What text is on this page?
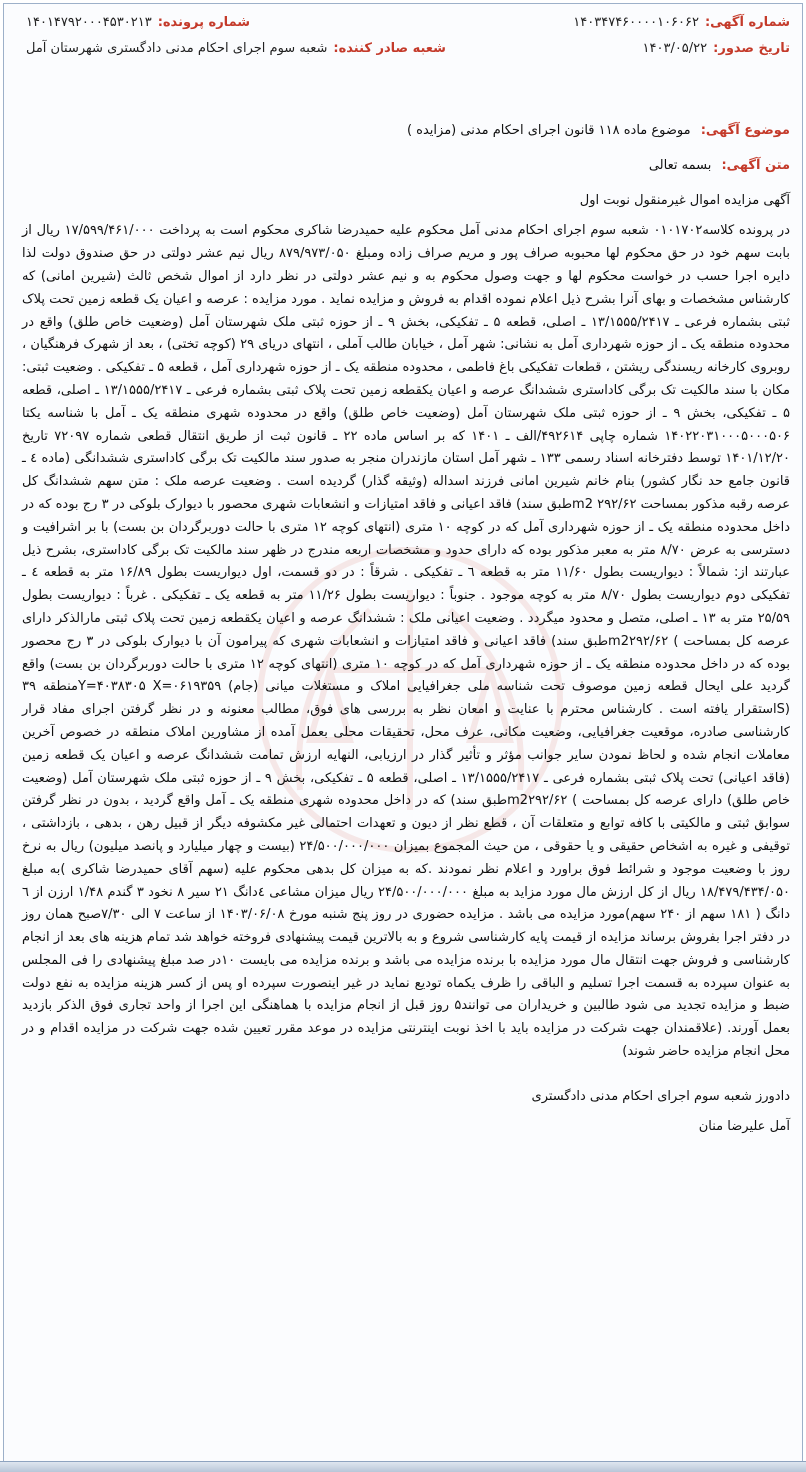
شماره آگهی:
۱۴۰۳۴۷۴۶۰۰۰۰۱۰۶۰۶۲
شماره پرونده:
۱۴۰۱۴۷۹۲۰۰۰۴۵۳۰۲۱۳
تاریخ صدور:
۱۴۰۳/۰۵/۲۲
شعبه صادر کننده:
شعبه سوم اجرای احکام مدنی دادگستری شهرستان آمل
موضوع آگهی: موضوع ماده ۱۱۸ قانون اجرای احکام مدنی (مزایده )
متن آگهی: بسمه تعالی
آگهی مزایده اموال غیرمنقول نوبت اول

در پرونده کلاسه۰۱۰۱۷۰۲ شعبه سوم اجرای احکام مدنی آمل محکوم علیه حمیدرضا شاکری محکوم است به پرداخت ۱۷/۵۹۹/۴۶۱/۰۰۰ ریال از بابت سهم خود در حق محکوم لها محبوبه صراف پور و مریم صراف زاده ومبلغ ۸۷۹/۹۷۳/۰۵۰ ریال نیم عشر دولتی در حق صندوق دولت لذا دایره اجرا حسب در خواست محکوم لها و جهت وصول محکوم به و نیم عشر دولتی در نظر دارد از اموال شخص ثالث (شیرین امانی) که کارشناس مشخصات و بهای آنرا بشرح ذیل اعلام نموده اقدام به فروش و مزایده نماید . مورد مزایده : عرصه و اعیان یک قطعه زمین تحت پلاک ثبتی بشماره فرعی ـ ۱۳/۱۵۵۵/۲۴۱۷ ـ اصلی، قطعه ۵ ـ تفکیکی، بخش ۹ ـ از حوزه ثبتی ملک شهرستان آمل (وضعیت خاص طلق) واقع در محدوده منطقه یک ـ از حوزه شهرداری آمل به نشانی: شهر آمل ، خیابان طالب آملی ، انتهای دریای ۲۹ (کوچه تختی) ، بعد از شهرک فرهنگیان ، روبروی کارخانه ریسندگی ریشتن ، قطعات تفکیکی باغ فاطمی ، محدوده منطقه یک ـ از حوزه شهرداری آمل ، قطعه ۵ ـ تفکیکی . وضعیت ثبتی: مکان با سند مالکیت تک برگی کاداستری ششدانگ عرصه و اعیان یکقطعه زمین تحت پلاک ثبتی بشماره فرعی ـ ۱۳/۱۵۵۵/۲۴۱۷ ـ اصلی، قطعه ۵ ـ تفکیکی، بخش ۹ ـ از حوزه ثبتی ملک شهرستان آمل (وضعیت خاص طلق) واقع در محدوده شهری منطقه یک ـ آمل با شناسه یکتا ۱۴۰۲۲۰۳۱۰۰۰۵۰۰۰۵۰۶ شماره چاپی ۴۹۲۶۱۴/الف ـ ۱۴۰۱ که بر اساس ماده ۲۲ ـ قانون ثبت از طریق انتقال قطعی شماره ۷۲۰۹۷ تاریخ ۱۴۰۱/۱۲/۲۰ توسط دفترخانه اسناد رسمی ۱۳۳ ـ شهر آمل استان مازندران منجر به صدور سند مالکیت تک برگی کاداستری ششدانگی (ماده ٤ ـ قانون جامع حد نگار کشور) بنام خانم شیرین امانی فرزند اسداله (وثیقه گذار) گردیده است . وضعیت عرصه ملک : متن سهم ششدانگ کل عرصه رقبه مذکور بمساحت m2 ۲۹۲/۶۲طبق سند) فاقد اعیانی و فاقد امتیازات و انشعابات شهری محصور با دیوارک بلوکی در ۳ رج بوده که در داخل محدوده منطقه یک ـ از حوزه شهرداری آمل که در کوچه ۱۰ متری (انتهای کوچه ۱۲ متری با حالت دوربرگردان بن بست) با بر اشرافیت و دسترسی به عرض ۸/۷۰ متر به معبر مذکور بوده که دارای حدود و مشخصات اربعه مندرج در ظهر سند مالکیت تک برگی کاداستری، بشرح ذیل عبارتند از: شمالاً : دیواریست بطول ۱۱/۶۰ متر به قطعه ٦ ـ تفکیکی . شرقاً : در دو قسمت، اول دیواریست بطول ۱۶/۸۹ متر به قطعه ٤ ـ تفکیکی دوم دیواریست بطول ۸/۷۰ متر به کوچه موجود . جنوباً : دیواریست بطول ۱۱/۲۶ متر به قطعه یک ـ تفکیکی . غرباً : دیواریست بطول ۲۵/۵۹ متر به ۱۳ ـ اصلی، متصل و محدود میگردد . وضعیت اعیانی ملک : ششدانگ عرصه و اعیان یکقطعه زمین تحت پلاک ثبتی مارالذکر دارای عرصه کل بمساحت ) m2۲۹۲/۶۲طبق سند) فاقد اعیانی و فاقد امتیازات و انشعابات شهری که پیرامون آن با دیوارک بلوکی در ۳ رج محصور بوده که در داخل محدوده منطقه یک ـ از حوزه شهرداری آمل که در کوچه ۱۰ متری (انتهای کوچه ۱۲ متری با حالت دوربرگردان بن بست) واقع گردید علی ایحال قطعه زمین موصوف تحت شناسه ملی جغرافیایی املاک و مستغلات میانی (جام) Y=۴۰۳۸۳۰۵ X=۰۶۱۹۳۵۹منطقه ۳۹ (Sاستقرار یافته است . کارشناس محترم با عنایت و امعان نظر به بررسی های فوق، مطالب معنونه و در نظر گرفتن اجرای مفاد قرار کارشناسی صادره، موقعیت جغرافیایی، وضعیت مکانی، عرف محل، تحقیقات محلی بعمل آمده از مشاورین املاک منطقه در خصوص آخرین معاملات انجام شده و لحاظ نمودن سایر جوانب مؤثر و تأثیر گذار در ارزیابی، النهایه ارزش تمامت ششدانگ عرصه و اعیان یک قطعه زمین (فاقد اعیانی) تحت پلاک ثبتی بشماره فرعی ـ ۱۳/۱۵۵۵/۲۴۱۷ ـ اصلی، قطعه ۵ ـ تفکیکی، بخش ۹ ـ از حوزه ثبتی ملک شهرستان آمل (وضعیت خاص طلق) دارای عرصه کل بمساحت ) m2۲۹۲/۶۲طبق سند) که در داخل محدوده شهری منطقه یک ـ آمل واقع گردید ، بدون در نظر گرفتن سوابق ثبتی و مالکیتی با کافه توابع و متعلقات آن ، قطع نظر از دیون و تعهدات احتمالی غیر مکشوفه دیگر از قبیل رهن ، بدهی ، بازداشتی ، توقیفی و غیره به اشخاص حقیقی و یا حقوقی ، من حیث المجموع بمیزان ۲۴/۵۰۰/۰۰۰/۰۰۰ (بیست و چهار میلیارد و پانصد میلیون) ریال به نرخ روز با وضعیت موجود و شرائط فوق براورد و اعلام نظر نمودند .که به میزان کل بدهی محکوم علیه (سهم آقای حمیدرضا شاکری )به مبلغ ۱۸/۴۷۹/۴۳۴/۰۵۰ ریال از کل ارزش مال مورد مزاید به مبلغ ۲۴/۵۰۰/۰۰۰/۰۰۰ ریال میزان مشاعی ٤دانگ ۲۱ سیر ۸ نخود ۳ گندم ۱/۴۸ ارزن از ٦ دانگ ( ۱۸۱ سهم از ۲۴۰ سهم)مورد مزایده می باشد . مزایده حضوری در روز پنج شنبه مورخ ۱۴۰۳/۰۶/۰۸ از ساعت ۷ الی ۷/۳۰صبح همان روز در دفتر اجرا بفروش برساند مزایده از قیمت پایه کارشناسی شروع و به بالاترین قیمت پیشنهادی فروخته خواهد شد تمام هزینه های بعد از انجام کارشناسی و فروش جهت انتقال مال مورد مزایده با برنده مزایده می باشد و برنده مزایده می بایست ۱۰در صد مبلغ پیشنهادی را فی المجلس به عنوان سپرده به قسمت اجرا تسلیم و الباقی را ظرف یکماه تودیع نماید در غیر اینصورت سپرده او پس از کسر هزینه مزایده به نفع دولت ضبط و مزایده تجدید می شود طالبین و خریداران می توانند۵ روز قبل از انجام مزایده با هماهنگی این اجرا از واحد تجاری فوق الذکر بازدید بعمل آورند. (علاقمندان جهت شرکت در مزایده باید با اخذ نوبت اینترنتی مزایده در موعد مقرر تعیین شده جهت شرکت در مزایده اقدام و در محل انجام مزایده حاضر شوند)

دادورز شعبه سوم اجرای احکام مدنی دادگستری
آمل علیرضا منان
